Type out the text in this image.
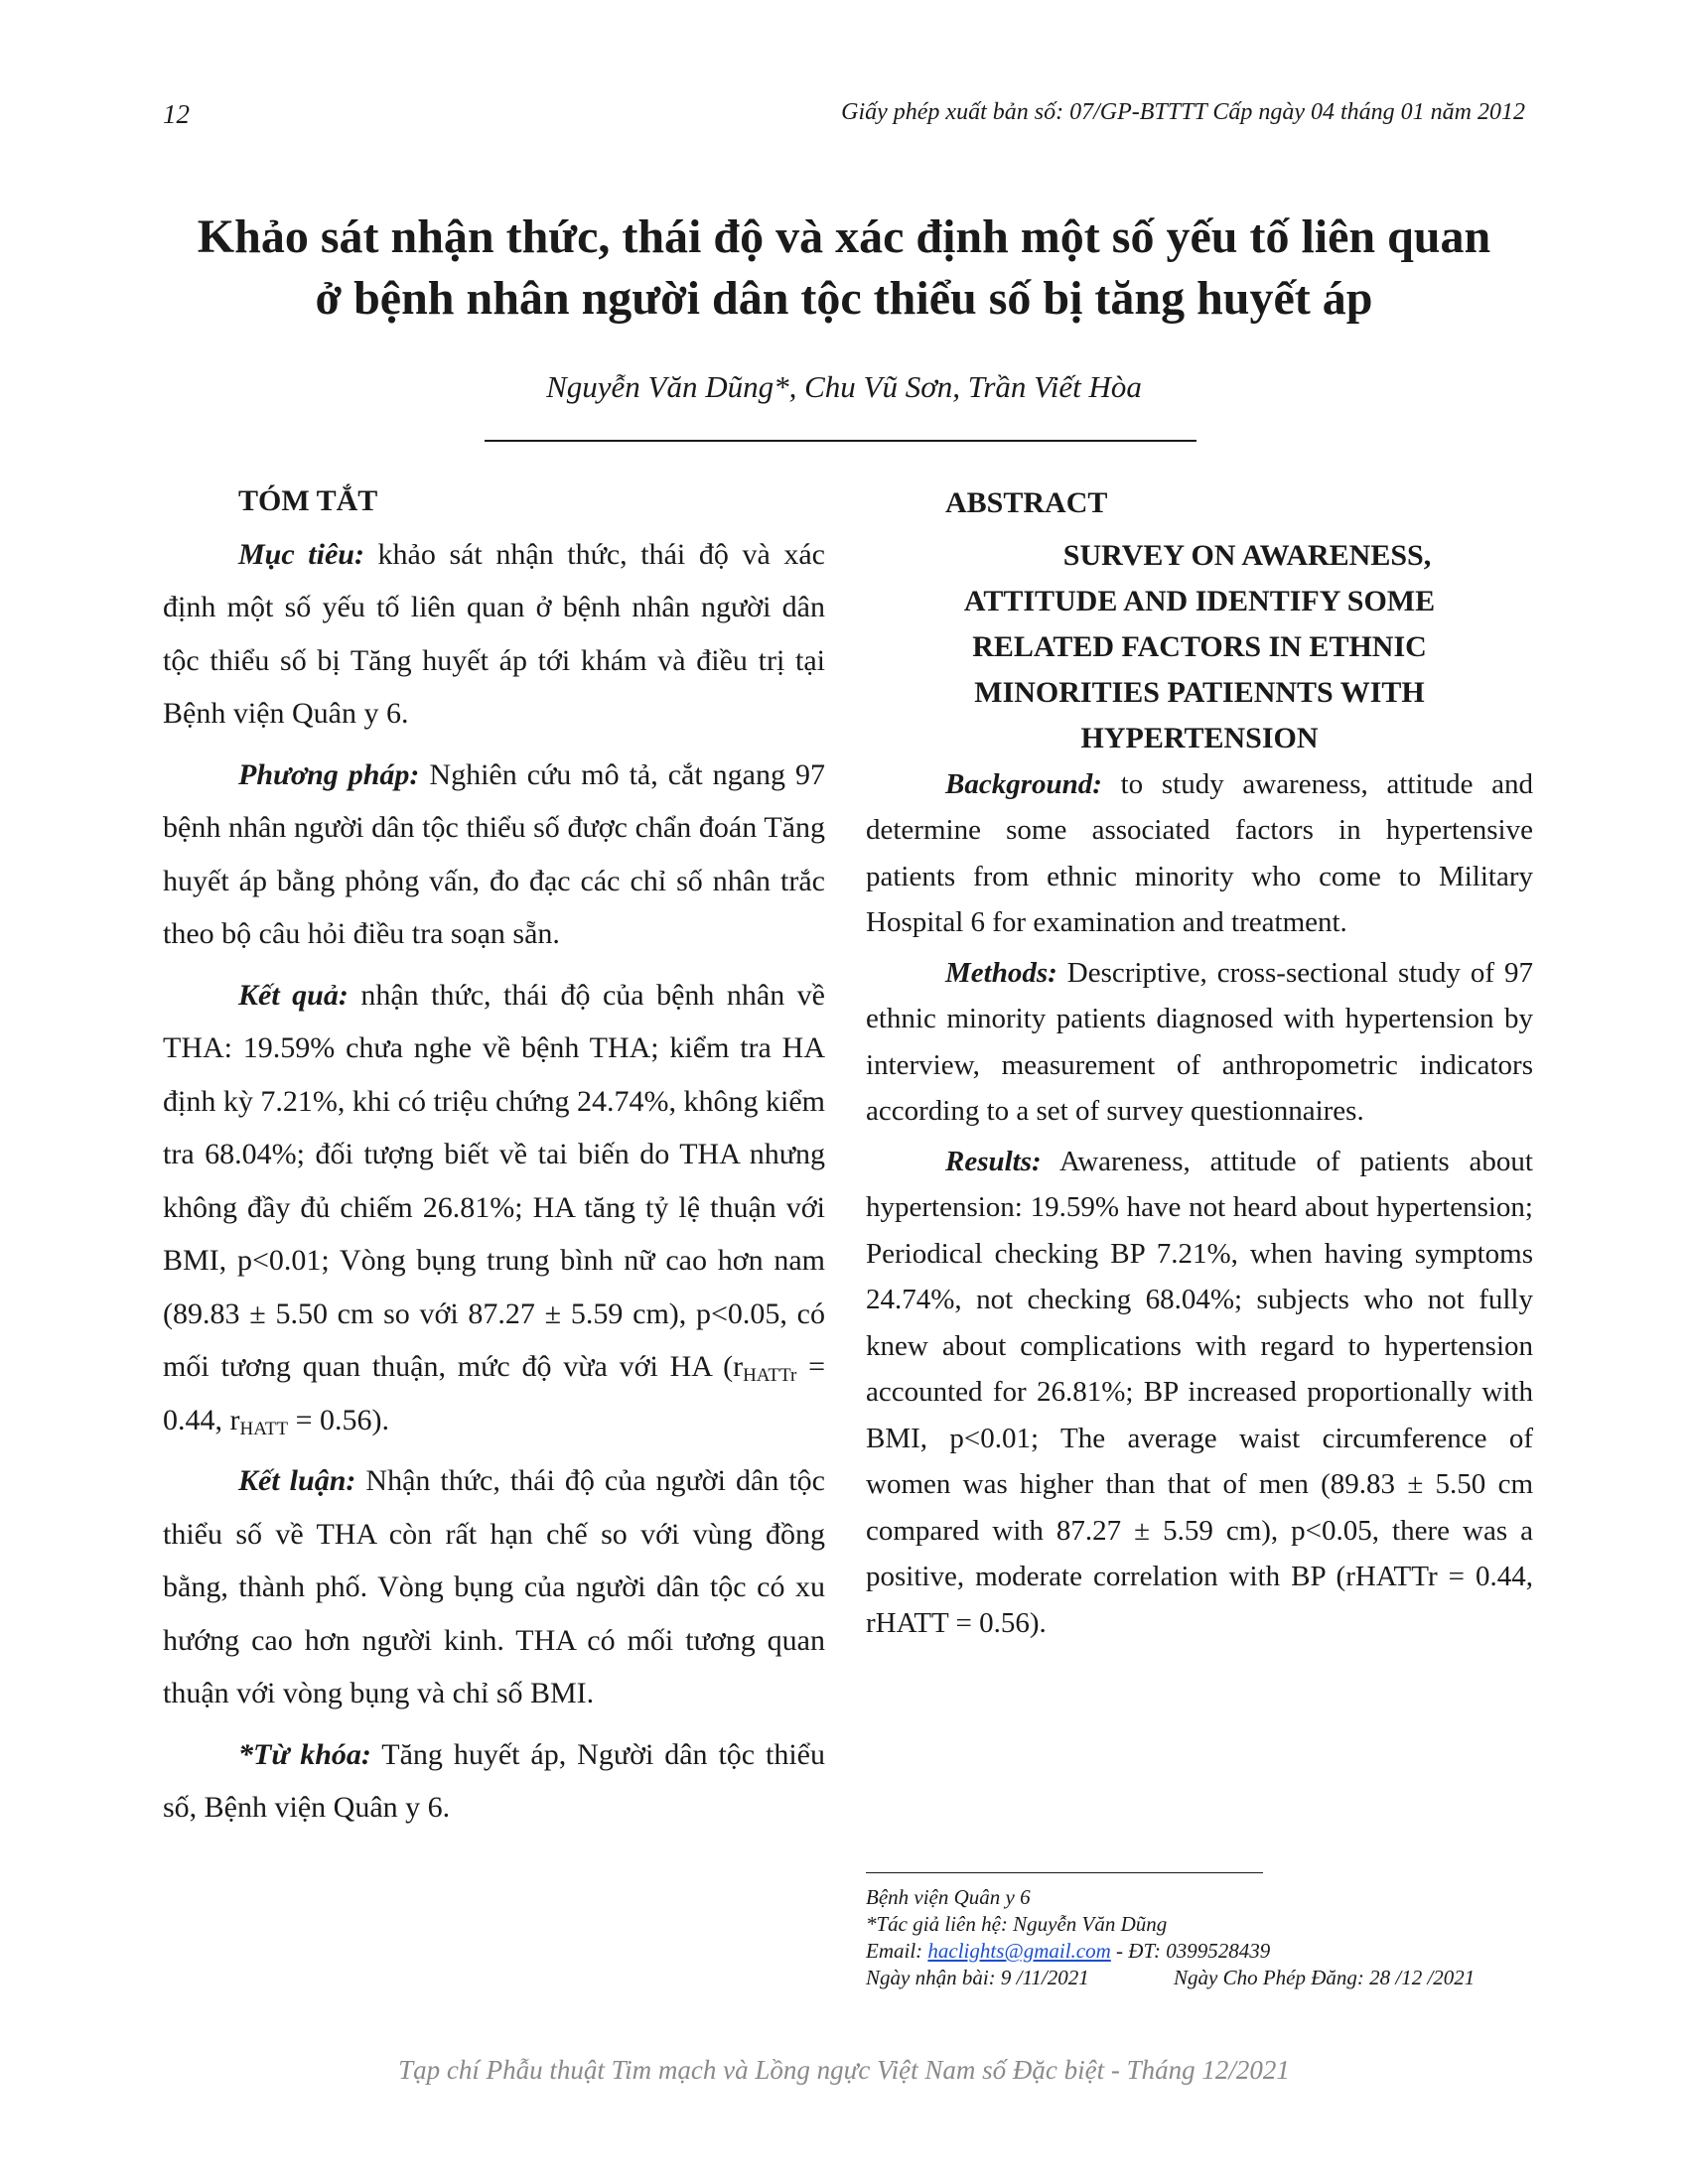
12	Giấy phép xuất bản số: 07/GP-BTTTT Cấp ngày 04 tháng 01 năm 2012
Khảo sát nhận thức, thái độ và xác định một số yếu tố liên quan
ở bệnh nhân người dân tộc thiểu số bị tăng huyết áp
Nguyễn Văn Dũng*, Chu Vũ Sơn, Trần Viết Hòa
TÓM TẮT

Mục tiêu: khảo sát nhận thức, thái độ và xác định một số yếu tố liên quan ở bệnh nhân người dân tộc thiểu số bị Tăng huyết áp tới khám và điều trị tại Bệnh viện Quân y 6.

Phương pháp: Nghiên cứu mô tả, cắt ngang 97 bệnh nhân người dân tộc thiểu số được chẩn đoán Tăng huyết áp bằng phỏng vấn, đo đạc các chỉ số nhân trắc theo bộ câu hỏi điều tra soạn sẵn.

Kết quả: nhận thức, thái độ của bệnh nhân về THA: 19.59% chưa nghe về bệnh THA; kiểm tra HA định kỳ 7.21%, khi có triệu chứng 24.74%, không kiểm tra 68.04%; đối tượng biết về tai biến do THA nhưng không đầy đủ chiếm 26.81%; HA tăng tỷ lệ thuận với BMI, p<0.01; Vòng bụng trung bình nữ cao hơn nam (89.83 ± 5.50 cm so với 87.27 ± 5.59 cm), p<0.05, có mối tương quan thuận, mức độ vừa với HA ($r_{HATTr} = 0.44$, $r_{HATT} = 0.56$).

Kết luận: Nhận thức, thái độ của người dân tộc thiểu số về THA còn rất hạn chế so với vùng đồng bằng, thành phố. Vòng bụng của người dân tộc có xu hướng cao hơn người kinh. THA có mối tương quan thuận với vòng bụng và chỉ số BMI.

*Từ khóa: Tăng huyết áp, Người dân tộc thiểu số, Bệnh viện Quân y 6.

ABSTRACT
SURVEY ON AWARENESS,
ATTITUDE AND IDENTIFY SOME
RELATED FACTORS IN ETHNIC
MINORITIES PATIENNTS WITH
HYPERTENSION

Background: to study awareness, attitude and determine some associated factors in hypertensive patients from ethnic minority who come to Military Hospital 6 for examination and treatment.

Methods: Descriptive, cross-sectional study of 97 ethnic minority patients diagnosed with hypertension by interview, measurement of anthropometric indicators according to a set of survey questionnaires.

Results: Awareness, attitude of patients about hypertension: 19.59% have not heard about hypertension; Periodical checking BP 7.21%, when having symptoms 24.74%, not checking 68.04%; subjects who not fully knew about complications with regard to hypertension accounted for 26.81%; BP increased proportionally with BMI, p<0.01; The average waist circumference of women was higher than that of men (89.83 ± 5.50 cm compared with 87.27 ± 5.59 cm), p<0.05, there was a positive, moderate correlation with BP (rHATTr = 0.44, rHATT = 0.56).

Bệnh viện Quân y 6
*Tác giả liên hệ: Nguyễn Văn Dũng
Email: haclights@gmail.com - ĐT: 0399528439
Ngày nhận bài: 9 /11/2021	Ngày Cho Phép Đăng: 28 /12 /2021
Tạp chí Phẫu thuật Tim mạch và Lồng ngực Việt Nam số Đặc biệt - Tháng 12/2021
